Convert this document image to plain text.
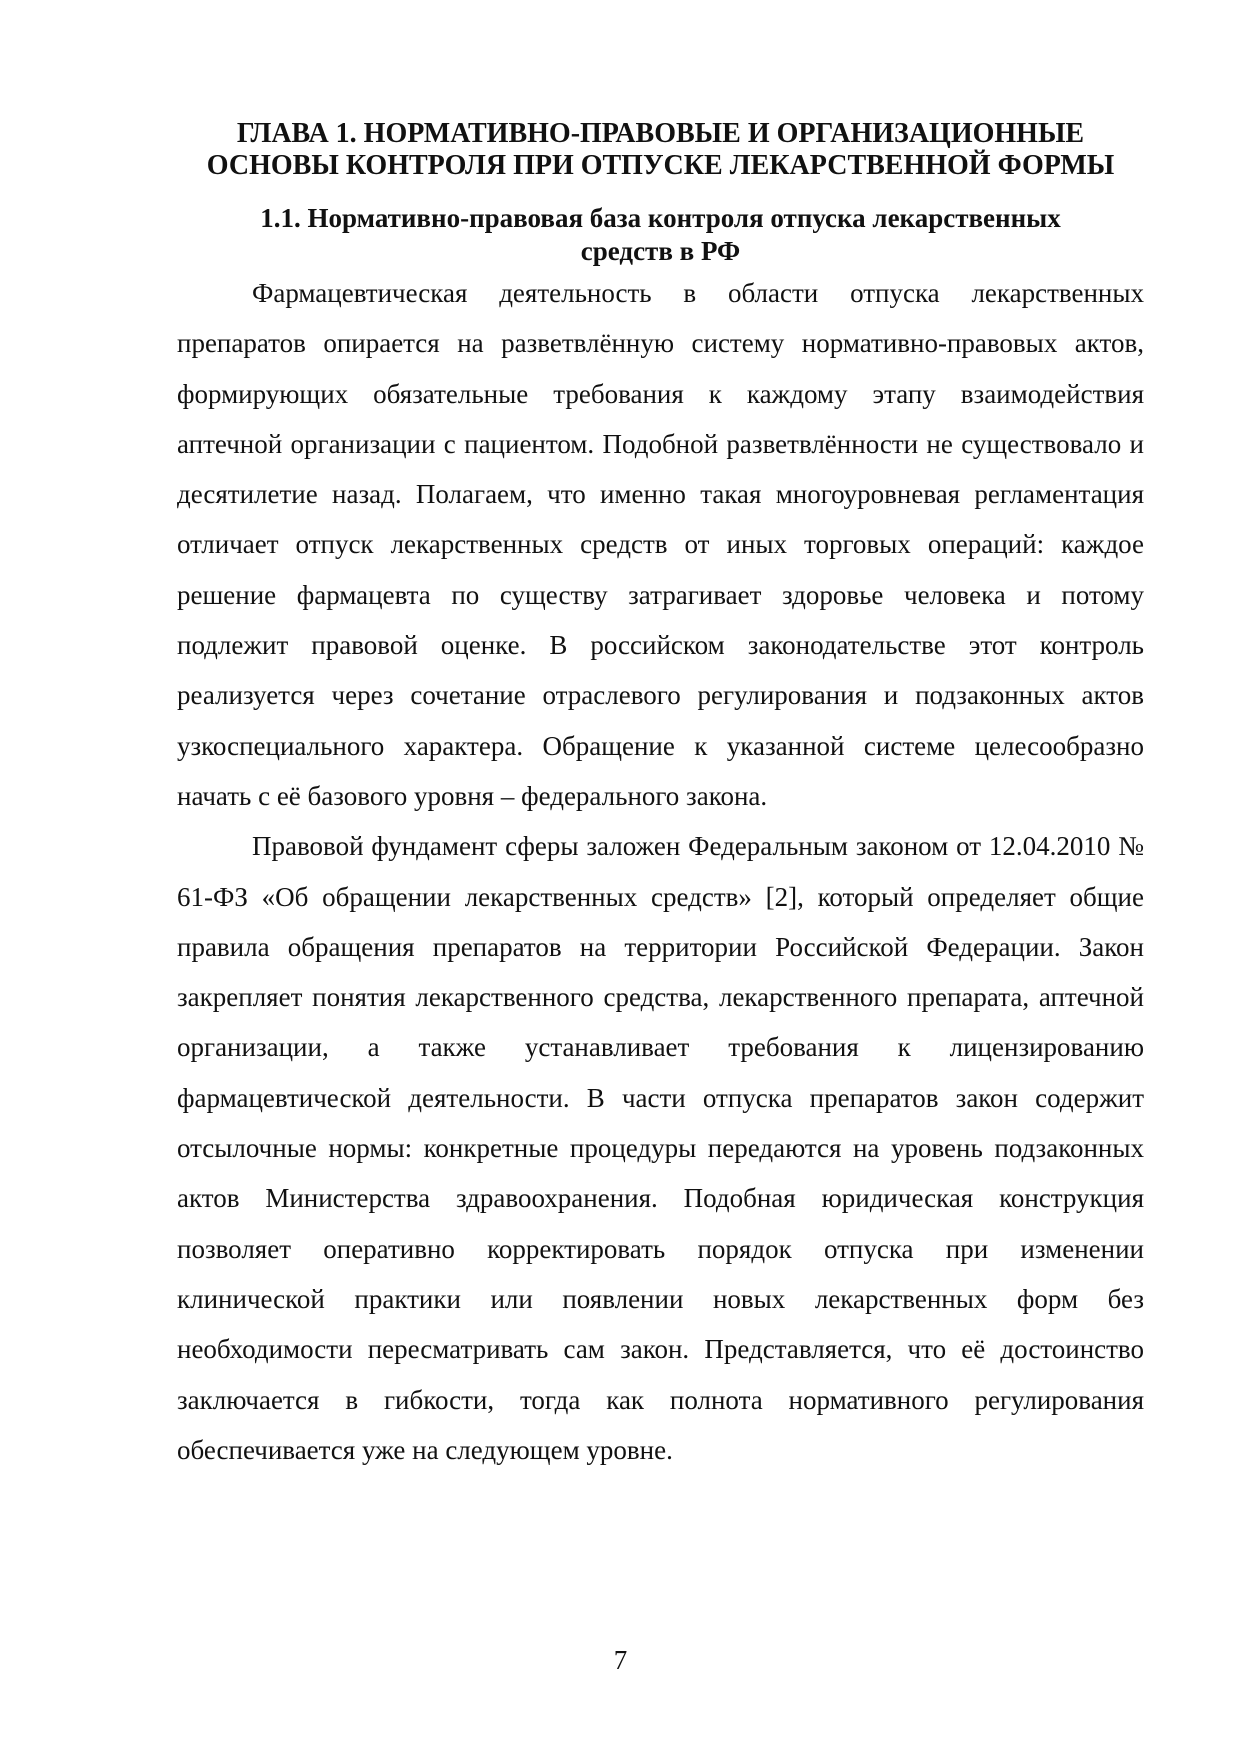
ГЛАВА 1. НОРМАТИВНО-ПРАВОВЫЕ И ОРГАНИЗАЦИОННЫЕ
ОСНОВЫ КОНТРОЛЯ ПРИ ОТПУСКЕ ЛЕКАРСТВЕННОЙ ФОРМЫ
1.1. Нормативно-правовая база контроля отпуска лекарственных
средств в РФ

Фармацевтическая деятельность в области отпуска лекарственных препаратов опирается на разветвлённую систему нормативно-правовых актов, формирующих обязательные требования к каждому этапу взаимодействия аптечной организации с пациентом. Подобной разветвлённости не существовало и десятилетие назад. Полагаем, что именно такая многоуровневая регламентация отличает отпуск лекарственных средств от иных торговых операций: каждое решение фармацевта по существу затрагивает здоровье человека и потому подлежит правовой оценке. В российском законодательстве этот контроль реализуется через сочетание отраслевого регулирования и подзаконных актов узкоспециального характера. Обращение к указанной системе целесообразно начать с её базового уровня – федерального закона.

Правовой фундамент сферы заложен Федеральным законом от 12.04.2010 № 61-ФЗ «Об обращении лекарственных средств» [2], который определяет общие правила обращения препаратов на территории Российской Федерации. Закон закрепляет понятия лекарственного средства, лекарственного препарата, аптечной организации, а также устанавливает требования к лицензированию фармацевтической деятельности. В части отпуска препаратов закон содержит отсылочные нормы: конкретные процедуры передаются на уровень подзаконных актов Министерства здравоохранения. Подобная юридическая конструкция позволяет оперативно корректировать порядок отпуска при изменении клинической практики или появлении новых лекарственных форм без необходимости пересматривать сам закон. Представляется, что её достоинство заключается в гибкости, тогда как полнота нормативного регулирования обеспечивается уже на следующем уровне.

7
